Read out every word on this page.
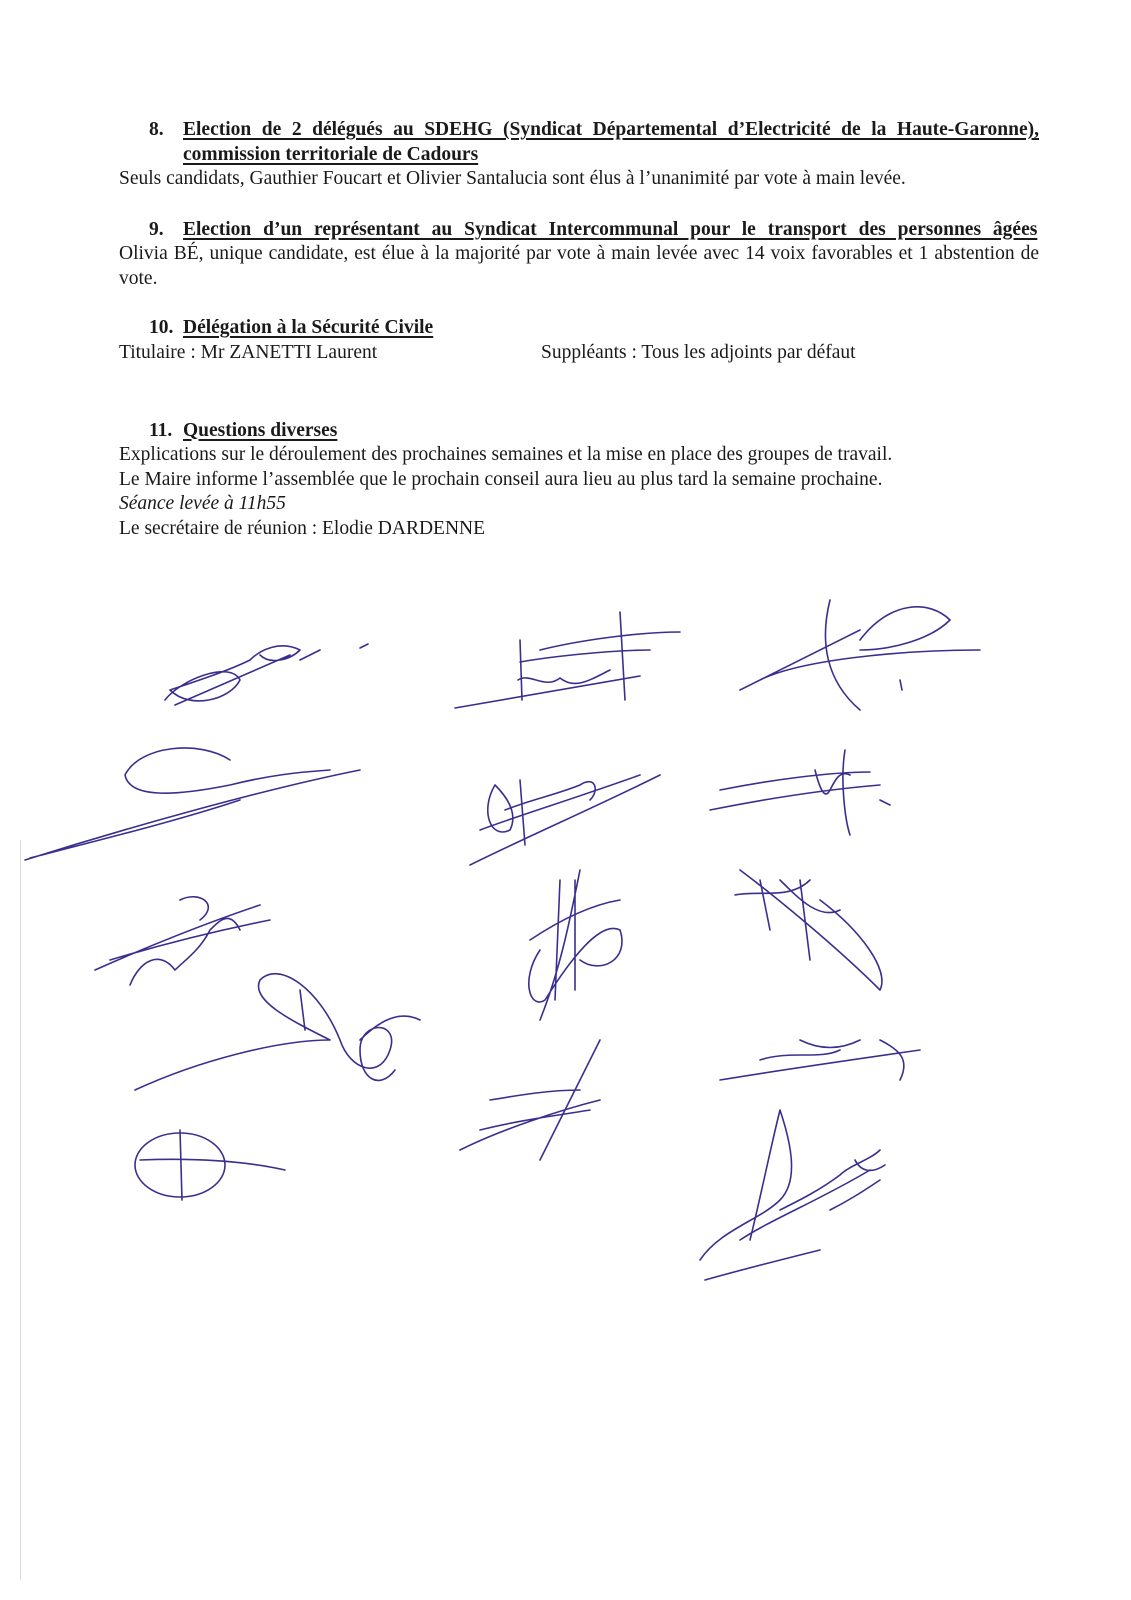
8. Election de 2 délégués au SDEHG (Syndicat Départemental d’Electricité de la Haute-Garonne), commission territoriale de Cadours
Seuls candidats, Gauthier Foucart et Olivier Santalucia sont élus à l’unanimité par vote à main levée.
9. Election d’un représentant au Syndicat Intercommunal pour le transport des personnes âgées
Olivia BÉ, unique candidate, est élue à la majorité par vote à main levée avec 14 voix favorables et 1 abstention de vote.
10. Délégation à la Sécurité Civile
Titulaire : Mr ZANETTI Laurent	Suppléants : Tous les adjoints par défaut
11. Questions diverses
Explications sur le déroulement des prochaines semaines et la mise en place des groupes de travail.
Le Maire informe l’assemblée que le prochain conseil aura lieu au plus tard la semaine prochaine.
Séance levée à 11h55
Le secrétaire de réunion : Elodie DARDENNE
